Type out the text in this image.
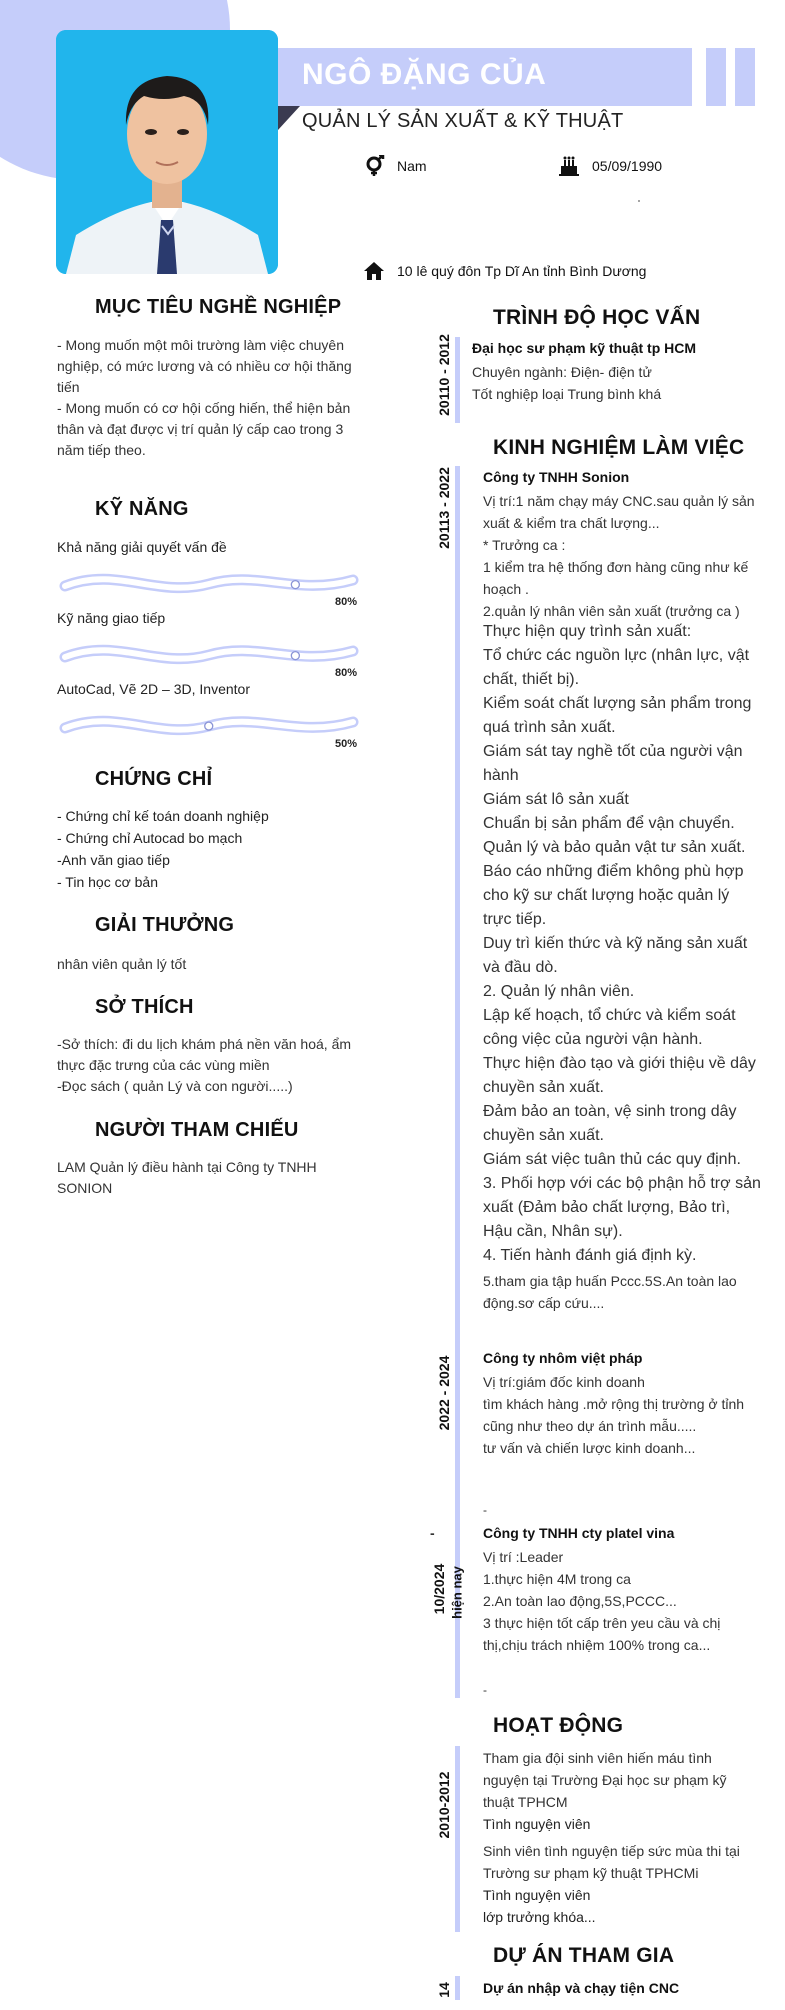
NGÔ ĐẶNG CỦA
QUẢN LÝ SẢN XUẤT & KỸ THUẬT
Nam	05/09/1990
10 lê quý đôn Tp Dĩ An tỉnh Bình Dương
MỤC TIÊU NGHỀ NGHIỆP
- Mong muốn một môi trường làm việc chuyên
nghiệp, có mức lương và có nhiều cơ hội thăng
tiến
- Mong muốn có cơ hội cống hiến, thể hiện bản
thân và đạt được vị trí quản lý cấp cao trong 3
năm tiếp theo.
KỸ NĂNG
Khả năng giải quyết vấn đề
80%
Kỹ năng giao tiếp
80%
AutoCad, Vẽ 2D – 3D, Inventor
50%
CHỨNG CHỈ
- Chứng chỉ kế toán doanh nghiệp
- Chứng chỉ Autocad bo mạch
-Anh văn giao tiếp
- Tin học cơ bản
GIẢI THƯỞNG
nhân viên quản lý tốt
SỞ THÍCH
-Sở thích: đi du lịch khám phá nền văn hoá, ẩm
thực đặc trưng của các vùng miền
-Đọc sách ( quản Lý và con người.....)
NGƯỜI THAM CHIẾU
LAM Quản lý điều hành tại Công ty TNHH
SONION
TRÌNH ĐỘ HỌC VẤN
20110 - 2012 Đại học sư phạm kỹ thuật tp HCM
Chuyên ngành: Điện- điện tử
Tốt nghiệp loại Trung bình khá
KINH NGHIỆM LÀM VIỆC
20113 - 2022 Công ty TNHH Sonion
Vị trí:1 năm chạy máy CNC.sau quản lý sản
xuất & kiểm tra chất lượng...
* Trưởng ca :
1 kiểm tra hệ thống đơn hàng cũng như kế
hoạch .
2.quản lý nhân viên sản xuất (trưởng ca )
Thực hiện quy trình sản xuất:
Tổ chức các nguồn lực (nhân lực, vật
chất, thiết bị).
Kiểm soát chất lượng sản phẩm trong
quá trình sản xuất.
Giám sát tay nghề tốt của người vận
hành
Giám sát lô sản xuất
Chuẩn bị sản phẩm để vận chuyển.
Quản lý và bảo quản vật tư sản xuất.
Báo cáo những điểm không phù hợp
cho kỹ sư chất lượng hoặc quản lý
trực tiếp.
Duy trì kiến thức và kỹ năng sản xuất
và đầu dò.
2. Quản lý nhân viên.
Lập kế hoạch, tổ chức và kiểm soát
công việc của người vận hành.
Thực hiện đào tạo và giới thiệu về dây
chuyền sản xuất.
Đảm bảo an toàn, vệ sinh trong dây
chuyền sản xuất.
Giám sát việc tuân thủ các quy định.
3. Phối hợp với các bộ phận hỗ trợ sản
xuất (Đảm bảo chất lượng, Bảo trì,
Hậu cần, Nhân sự).
4. Tiến hành đánh giá định kỳ.
5.tham gia tập huấn Pccc.5S.An toàn lao
động.sơ cấp cứu....
2022 - 2024 Công ty nhôm việt pháp
Vị trí:giám đốc kinh doanh
tìm khách hàng .mở rộng thị trường ở tỉnh
cũng như theo dự án trình mẫu.....
tư vấn và chiến lược kinh doanh...
-
-
10/2024 hiện nay
Công ty TNHH cty platel vina
Vị trí :Leader
1.thực hiện 4M trong ca
2.An toàn lao động,5S,PCCC...
3 thực hiện tốt cấp trên yeu cầu và chị
thị,chịu trách nhiệm 100% trong ca...
-
HOẠT ĐỘNG
2010-2012
Tham gia đội sinh viên hiến máu tình
nguyện tại Trường Đại học sư phạm kỹ
thuật TPHCM
Tình nguyện viên
Sinh viên tình nguyện tiếp sức mùa thi tại
Trường sư phạm kỹ thuật TPHCMi
Tình nguyện viên
lớp trưởng khóa...
DỰ ÁN THAM GIA
14 Dự án nhập và chạy tiện CNC
